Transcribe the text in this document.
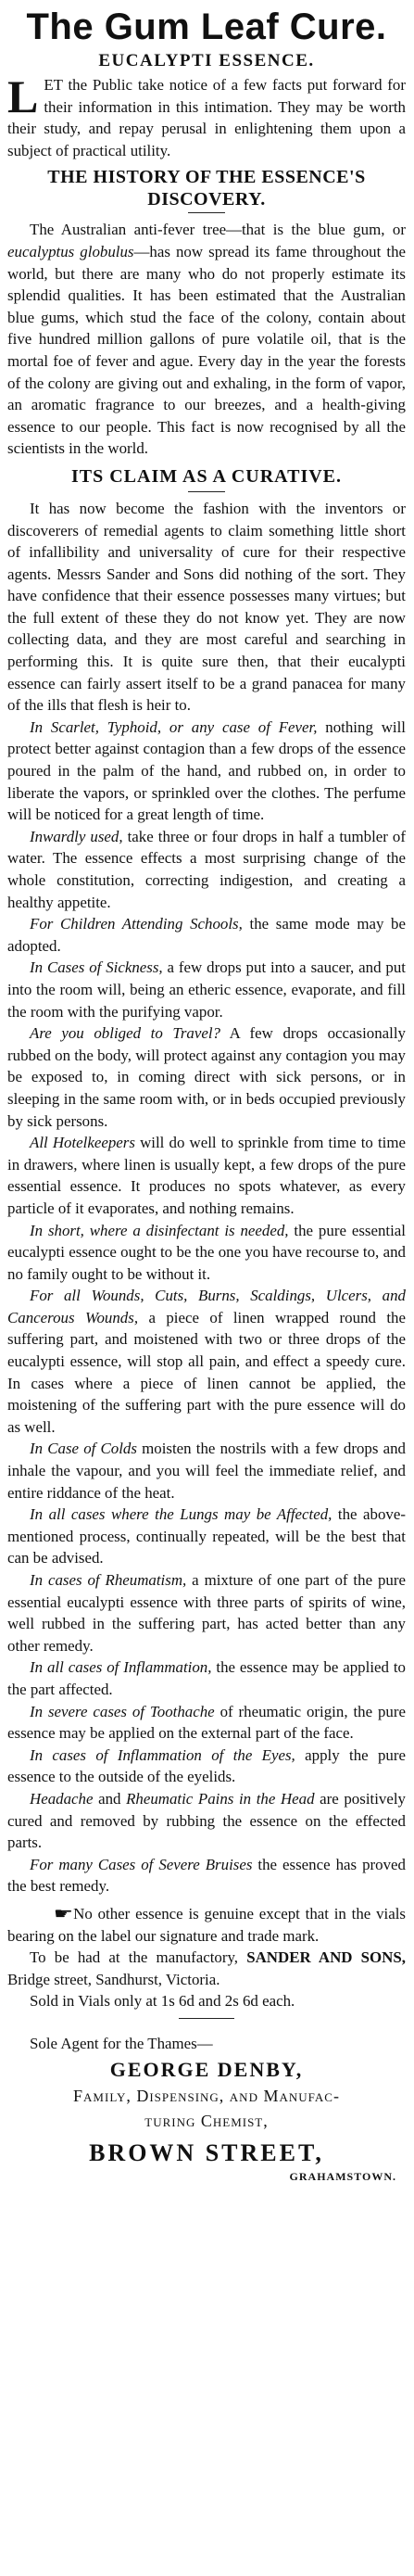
The Gum Leaf Cure.
EUCALYPTI ESSENCE.

LET the Public take notice of a few facts put forward for their information in this intimation. They may be worth their study, and repay perusal in enlightening them upon a subject of practical utility.

THE HISTORY OF THE ESSENCE'S DISCOVERY.

The Australian anti-fever tree—that is the blue gum, or eucalyptus globulus—has now spread its fame throughout the world, but there are many who do not properly estimate its splendid qualities. It has been estimated that the Australian blue gums, which stud the face of the colony, contain about five hundred million gallons of pure volatile oil, that is the mortal foe of fever and ague. Every day in the year the forests of the colony are giving out and exhaling, in the form of vapor, an aromatic fragrance to our breezes, and a health-giving essence to our people. This fact is now recognised by all the scientists in the world.

ITS CLAIM AS A CURATIVE.

It has now become the fashion with the inventors or discoverers of remedial agents to claim something little short of infallibility and universality of cure for their respective agents. Messrs Sander and Sons did nothing of the sort. They have confidence that their essence possesses many virtues; but the full extent of these they do not know yet. They are now collecting data, and they are most careful and searching in performing this. It is quite sure then, that their eucalypti essence can fairly assert itself to be a grand panacea for many of the ills that flesh is heir to.

In Scarlet, Typhoid, or any case of Fever, nothing will protect better against contagion than a few drops of the essence poured in the palm of the hand, and rubbed on, in order to liberate the vapors, or sprinkled over the clothes. The perfume will be noticed for a great length of time.

Inwardly used, take three or four drops in half a tumbler of water. The essence effects a most surprising change of the whole constitution, correcting indigestion, and creating a healthy appetite.

For Children Attending Schools, the same mode may be adopted.

In Cases of Sickness, a few drops put into a saucer, and put into the room will, being an etheric essence, evaporate, and fill the room with the purifying vapor.

Are you obliged to Travel? A few drops occasionally rubbed on the body, will protect against any contagion you may be exposed to, in coming direct with sick persons, or in sleeping in the same room with, or in beds occupied previously by sick persons.

All Hotelkeepers will do well to sprinkle from time to time in drawers, where linen is usually kept, a few drops of the pure essential essence. It produces no spots whatever, as every particle of it evaporates, and nothing remains.

In short, where a disinfectant is needed, the pure essential eucalypti essence ought to be the one you have recourse to, and no family ought to be without it.

For all Wounds, Cuts, Burns, Scaldings, Ulcers, and Cancerous Wounds, a piece of linen wrapped round the suffering part, and moistened with two or three drops of the eucalypti essence, will stop all pain, and effect a speedy cure. In cases where a piece of linen cannot be applied, the moistening of the suffering part with the pure essence will do as well.

In Case of Colds moisten the nostrils with a few drops and inhale the vapour, and you will feel the immediate relief, and entire riddance of the heat.

In all cases where the Lungs may be Affected, the above-mentioned process, continually repeated, will be the best that can be advised.

In cases of Rheumatism, a mixture of one part of the pure essential eucalypti essence with three parts of spirits of wine, well rubbed in the suffering part, has acted better than any other remedy.

In all cases of Inflammation, the essence may be applied to the part affected.

In severe cases of Toothache of rheumatic origin, the pure essence may be applied on the external part of the face.

In cases of Inflammation of the Eyes, apply the pure essence to the outside of the eyelids.

Headache and Rheumatic Pains in the Head are positively cured and removed by rubbing the essence on the effected parts.

For many Cases of Severe Bruises the essence has proved the best remedy.

☛No other essence is genuine except that in the vials bearing on the label our signature and trade mark.

To be had at the manufactory, SANDER AND SONS, Bridge street, Sandhurst, Victoria.

Sold in Vials only at 1s 6d and 2s 6d each.

Sole Agent for the Thames—
GEORGE DENBY,
Family, Dispensing, and Manufac-
turing Chemist,
BROWN STREET,
GRAHAMSTOWN.
